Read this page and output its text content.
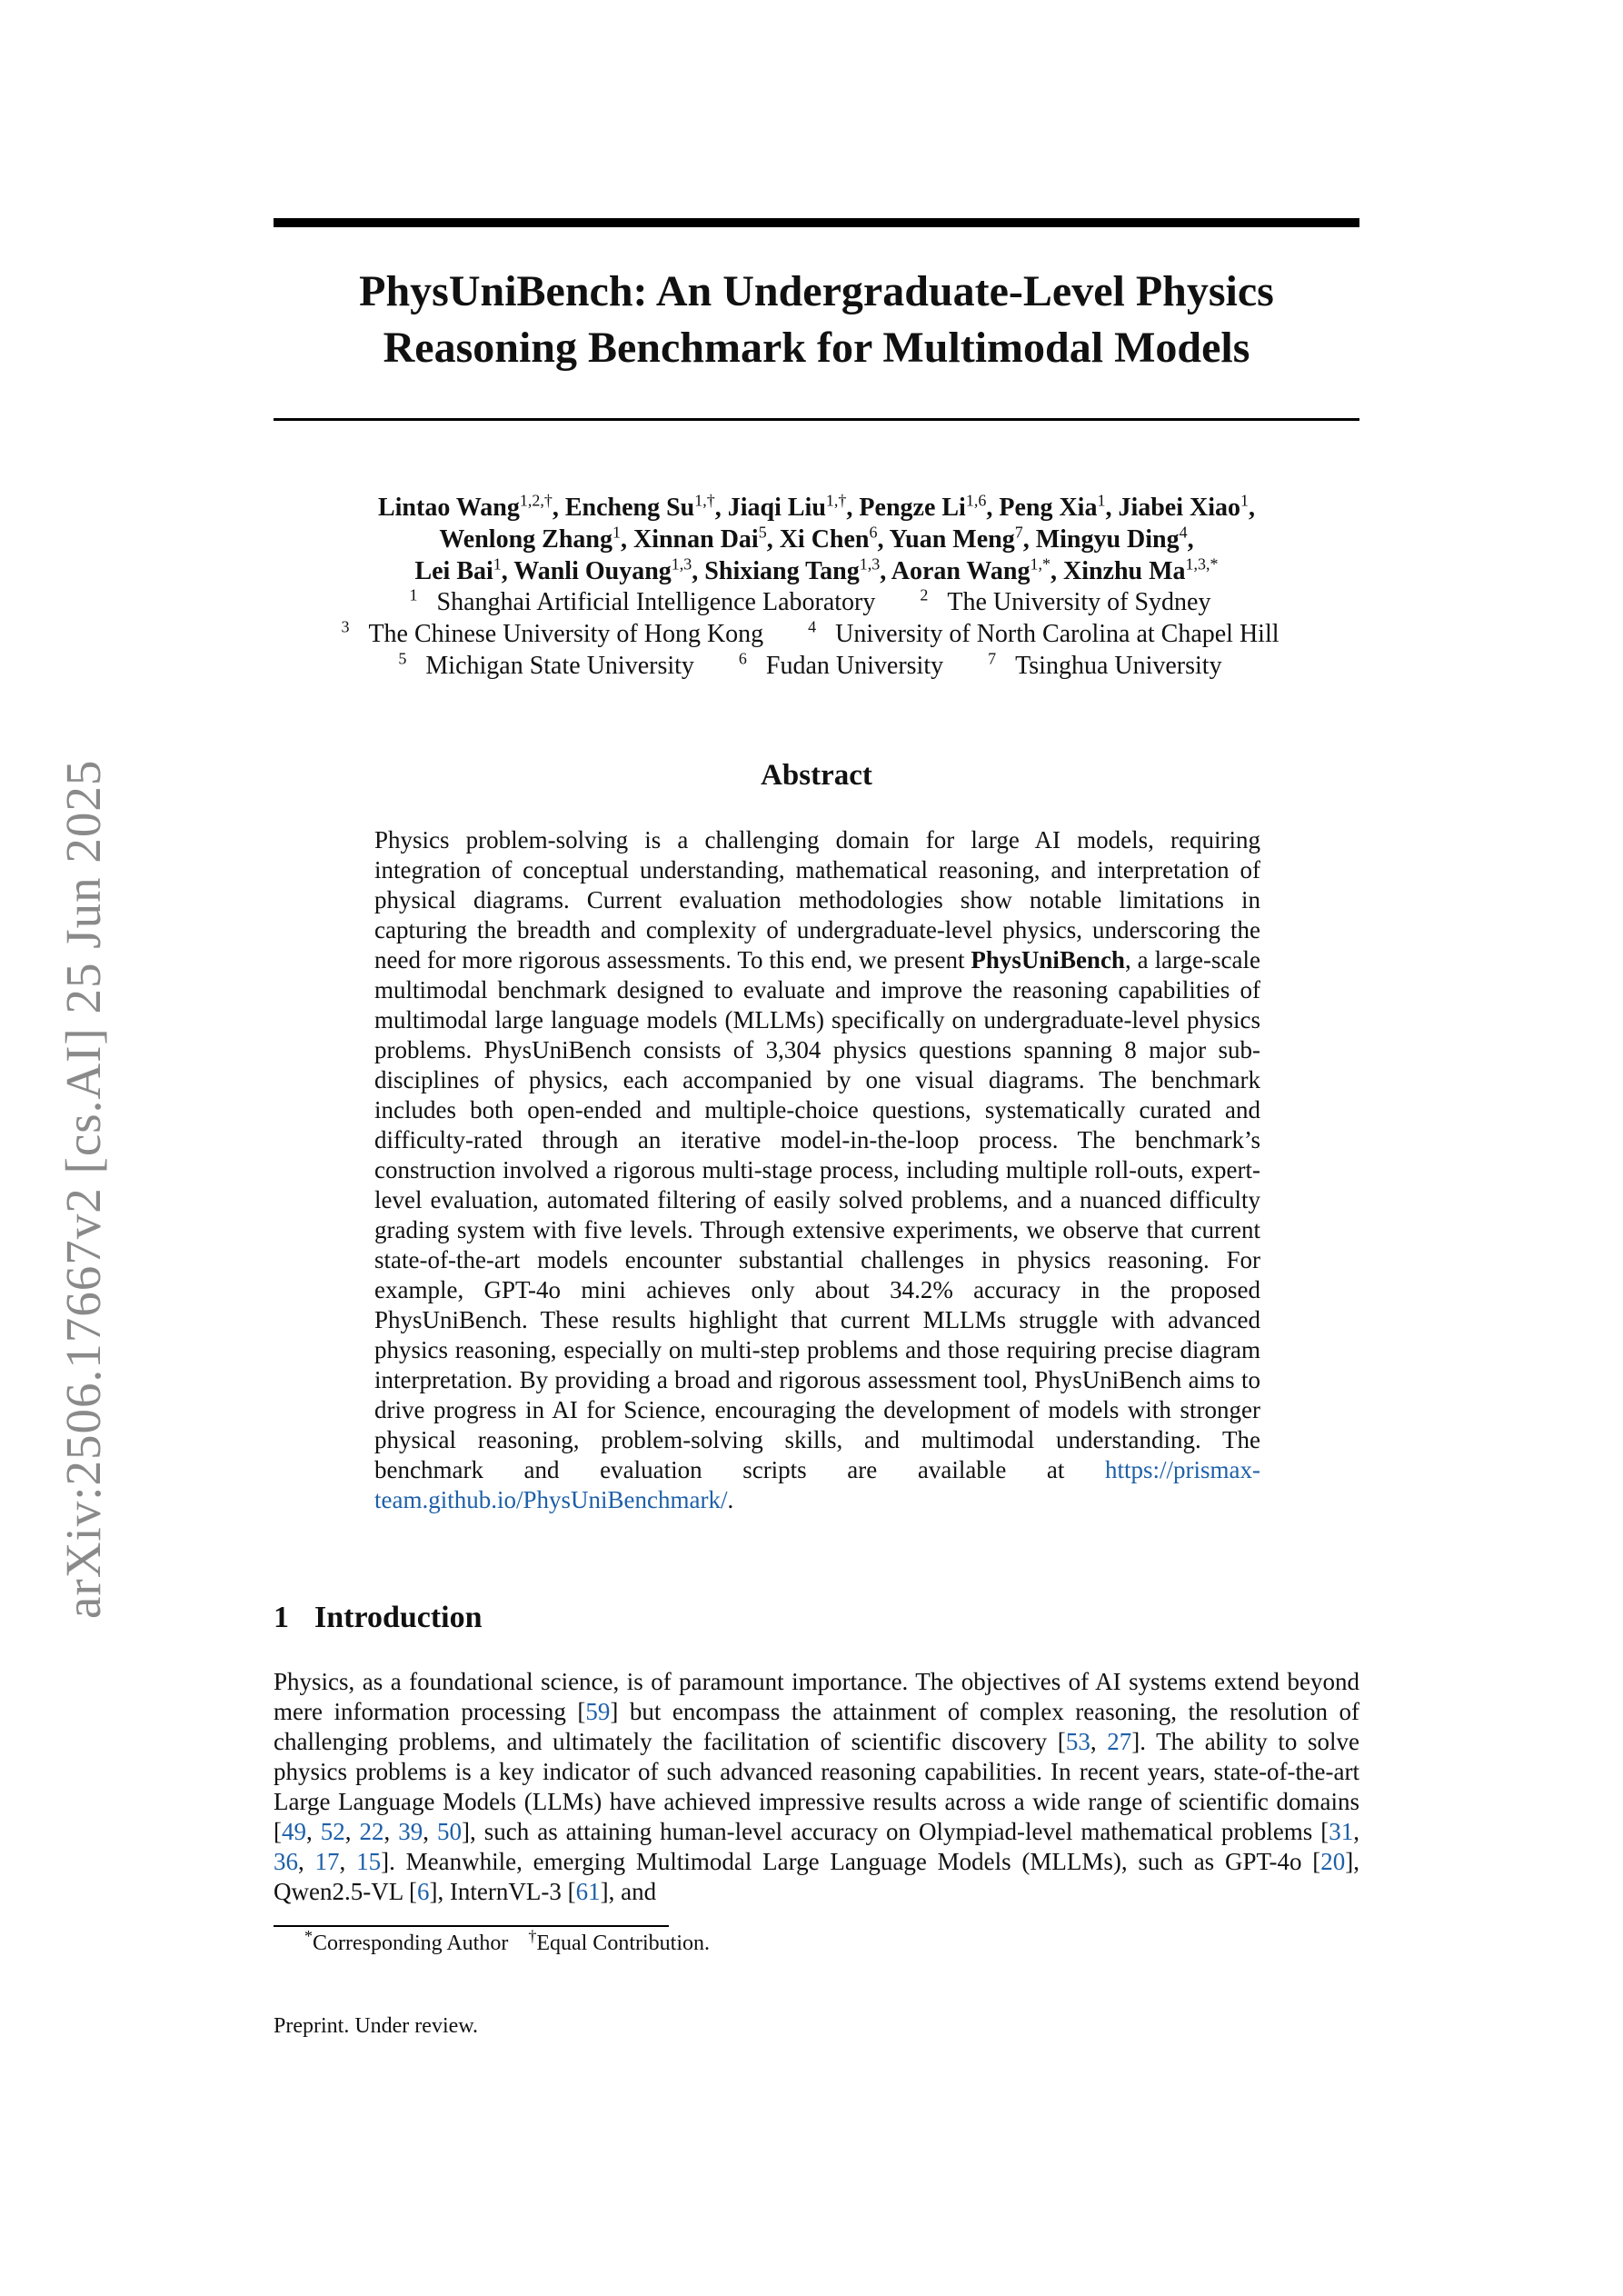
arXiv:2506.17667v2 [cs.AI] 25 Jun 2025
PhysUniBench: An Undergraduate-Level Physics
Reasoning Benchmark for Multimodal Models
Lintao Wang$^{1,2,\dagger}$, Encheng $Su^{1,\dagger}$, Jiaqi Liu$^{1,\dagger}$, Pengze Li$^{1,6}$, Peng Xia$^1$, Jiabei Xiao$^1$,
Wenlong Zhang$^1$, Xinnan Dai$^5$, Xi Chen$^6$, Yuan Meng$^7$, Mingyu Ding$^4$,
Lei Bai$^1$, Wanli Ouyang$^{1,3}$, Shixiang Tang$^{1,3}$, Aoran Wang$^{1,*}$, Xinzhu $Ma^{1,3,*}$
$^1$ Shanghai Artificial Intelligence Laboratory	$^2$ The University of Sydney
$^3$ The Chinese University of Hong Kong	$^4$ University of North Carolina at Chapel Hill
$^5$ Michigan State University	$^6$ Fudan University	$^7$ Tsinghua University
Abstract
Physics problem-solving is a challenging domain for large AI models, requiring integration of conceptual understanding, mathematical reasoning, and interpretation of physical diagrams. Current evaluation methodologies show notable limitations in capturing the breadth and complexity of undergraduate-level physics, underscoring the need for more rigorous assessments. To this end, we present PhysUniBench, a large-scale multimodal benchmark designed to evaluate and improve the reasoning capabilities of multimodal large language models (MLLMs) specifically on undergraduate-level physics problems. PhysUniBench consists of 3,304 physics questions spanning 8 major sub-disciplines of physics, each accompanied by one visual diagrams. The benchmark includes both open-ended and multiple-choice questions, systematically curated and difficulty-rated through an iterative model-in-the-loop process. The benchmark’s construction involved a rigorous multi-stage process, including multiple roll-outs, expert-level evaluation, automated filtering of easily solved problems, and a nuanced difficulty grading system with five levels. Through extensive experiments, we observe that current state-of-the-art models encounter substantial challenges in physics reasoning. For example, GPT-4o mini achieves only about 34.2% accuracy in the proposed PhysUniBench. These results highlight that current MLLMs struggle with advanced physics reasoning, especially on multi-step problems and those requiring precise diagram interpretation. By providing a broad and rigorous assessment tool, PhysUniBench aims to drive progress in AI for Science, encouraging the development of models with stronger physical reasoning, problem-solving skills, and multimodal understanding. The benchmark and evaluation scripts are available at https://prismax-team.github.io/PhysUniBenchmark/.
1 Introduction
Physics, as a foundational science, is of paramount importance. The objectives of AI systems extend beyond mere information processing [59] but encompass the attainment of complex reasoning, the resolution of challenging problems, and ultimately the facilitation of scientific discovery [53, 27]. The ability to solve physics problems is a key indicator of such advanced reasoning capabilities. In recent years, state-of-the-art Large Language Models (LLMs) have achieved impressive results across a wide range of scientific domains [49, 52, 22, 39, 50], such as attaining human-level accuracy on Olympiad-level mathematical problems [31, 36, 17, 15]. Meanwhile, emerging Multimodal Large Language Models (MLLMs), such as GPT-4o [20], Qwen2.5-VL [6], InternVL-3 [61], and
*Corresponding Author †Equal Contribution.
Preprint. Under review.
